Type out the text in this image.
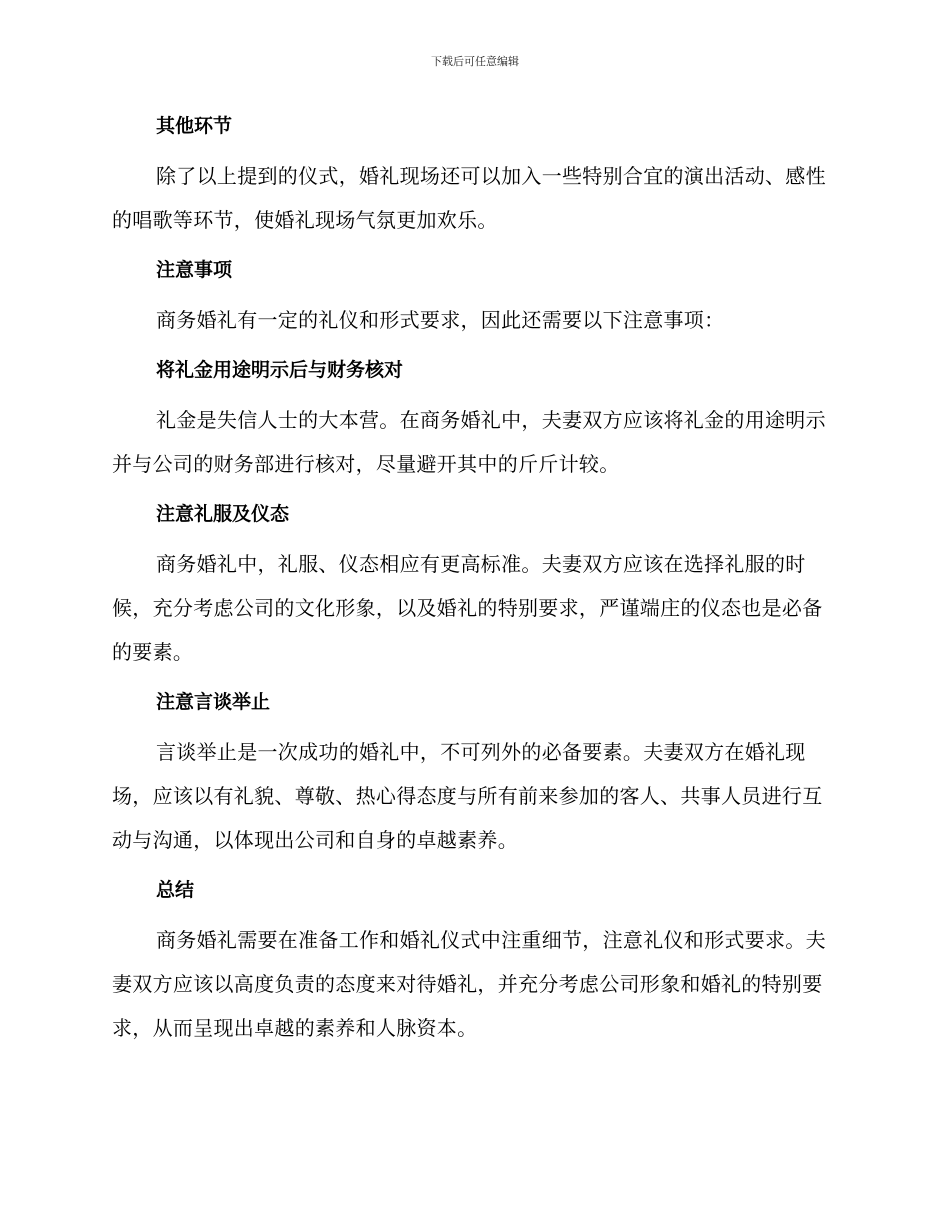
下载后可任意编辑
其他环节

除了以上提到的仪式，婚礼现场还可以加入一些特别合宜的演出活动、感性的唱歌等环节，使婚礼现场气氛更加欢乐。

注意事项

商务婚礼有一定的礼仪和形式要求，因此还需要以下注意事项：

将礼金用途明示后与财务核对

礼金是失信人士的大本营。在商务婚礼中，夫妻双方应该将礼金的用途明示并与公司的财务部进行核对，尽量避开其中的斤斤计较。

注意礼服及仪态

商务婚礼中，礼服、仪态相应有更高标准。夫妻双方应该在选择礼服的时候，充分考虑公司的文化形象，以及婚礼的特别要求，严谨端庄的仪态也是必备的要素。

注意言谈举止

言谈举止是一次成功的婚礼中，不可列外的必备要素。夫妻双方在婚礼现场，应该以有礼貌、尊敬、热心得态度与所有前来参加的客人、共事人员进行互动与沟通，以体现出公司和自身的卓越素养。

总结

商务婚礼需要在准备工作和婚礼仪式中注重细节，注意礼仪和形式要求。夫妻双方应该以高度负责的态度来对待婚礼，并充分考虑公司形象和婚礼的特别要求，从而呈现出卓越的素养和人脉资本。
